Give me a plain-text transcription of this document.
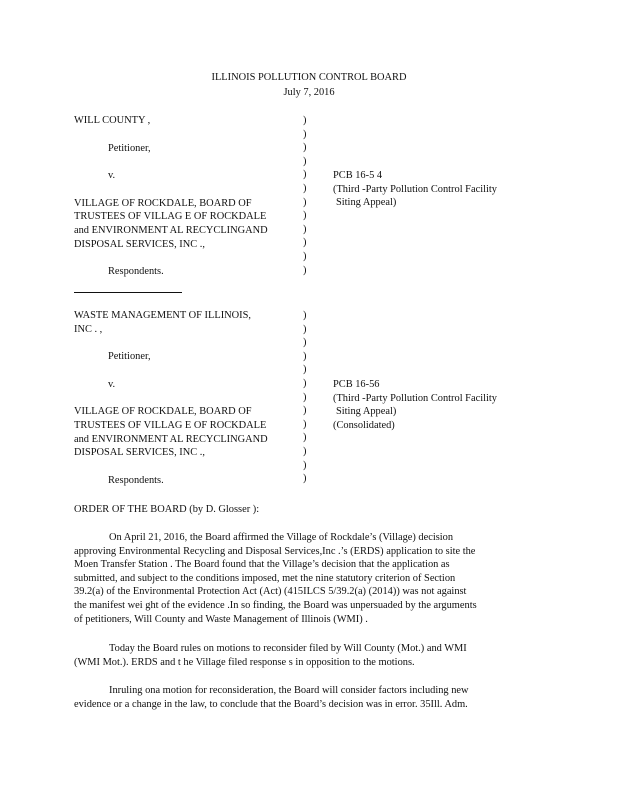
ILLINOIS POLLUTION CONTROL BOARD
July 7, 2016
WILL COUNTY ,
Petitioner,
v.
VILLAGE OF ROCKDALE, BOARD OF
TRUSTEES OF VILLAG E OF ROCKDALE
and ENVIRONMENT AL RECYCLINGAND
DISPOSAL SERVICES, INC .,
Respondents.
)
)
)
)
)
)
)
)
)
)
)
)
PCB 16-5 4
(Third -Party Pollution Control Facility
Siting Appeal)
WASTE MANAGEMENT OF ILLINOIS,
INC . ,
Petitioner,
v.
VILLAGE OF ROCKDALE, BOARD OF
TRUSTEES OF VILLAG E OF ROCKDALE
and ENVIRONMENT AL RECYCLINGAND
DISPOSAL SERVICES, INC .,
Respondents.
)
)
)
)
)
)
)
)
)
)
)
)
)
PCB 16-56
(Third -Party Pollution Control Facility
Siting Appeal)
(Consolidated)
ORDER OF THE BOARD (by D. Glosser ):
On April 21, 2016, the Board affirmed the Village of Rockdale’s (Village) decision
approving Environmental Recycling and Disposal Services,Inc .’s (ERDS) application to site the
Moen Transfer Station . The Board found that the Village’s decision that the application as
submitted, and subject to the conditions imposed, met the nine statutory criterion of Section
39.2(a) of the Environmental Protection Act (Act) (415ILCS 5/39.2(a) (2014)) was not against
the manifest wei ght of the evidence .In so finding, the Board was unpersuaded by the arguments
of petitioners, Will County and Waste Management of Illinois (WMI) .
Today the Board rules on motions to reconsider filed by Will County (Mot.) and WMI
(WMI Mot.). ERDS and t he Village filed response s in opposition to the motions.
Inruling ona motion for reconsideration, the Board will consider factors including new
evidence or a change in the law, to conclude that the Board’s decision was in error. 35Ill. Adm.
